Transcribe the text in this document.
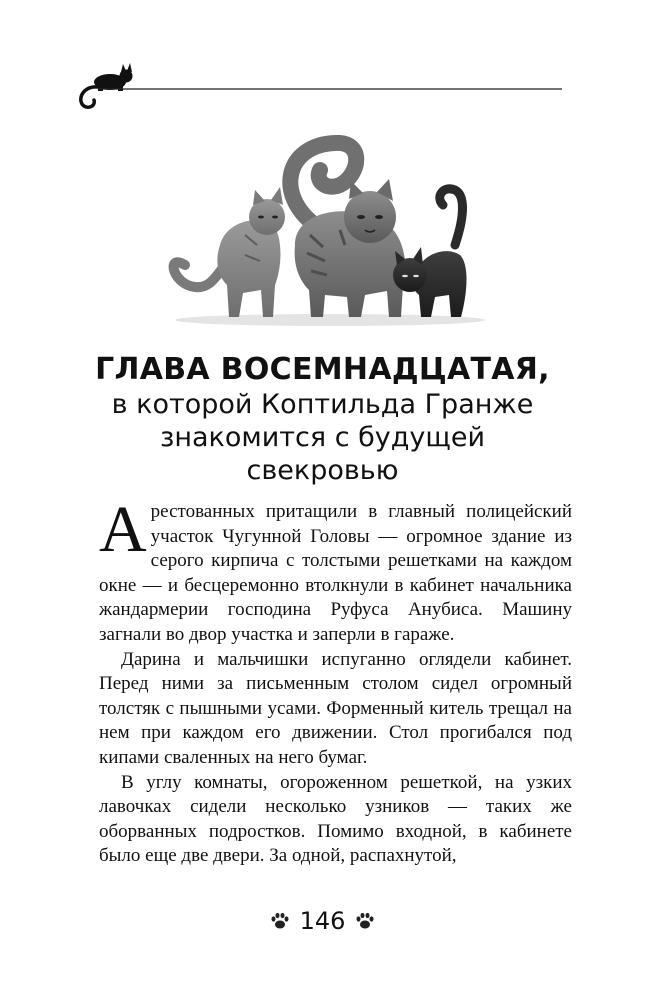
ГЛАВА ВОСЕМНАДЦАТАЯ,
в которой Коптильда Гранже
знакомится с будущей
свекровью

Арестованных притащили в главный полицейский участок Чугунной Головы — огромное здание из серого кирпича с толстыми решетками на каждом окне — и бесцеремонно втолкнули в кабинет начальника жандармерии господина Руфуса Анубиса. Машину загнали во двор участка и заперли в гараже.

Дарина и мальчишки испуганно оглядели кабинет. Перед ними за письменным столом сидел огромный толстяк с пышными усами. Форменный китель трещал на нем при каждом его движении. Стол прогибался под кипами сваленных на него бумаг.

В углу комнаты, огороженном решеткой, на узких лавочках сидели несколько узников — таких же оборванных подростков. Помимо входной, в кабинете было еще две двери. За одной, распахнутой,

146
